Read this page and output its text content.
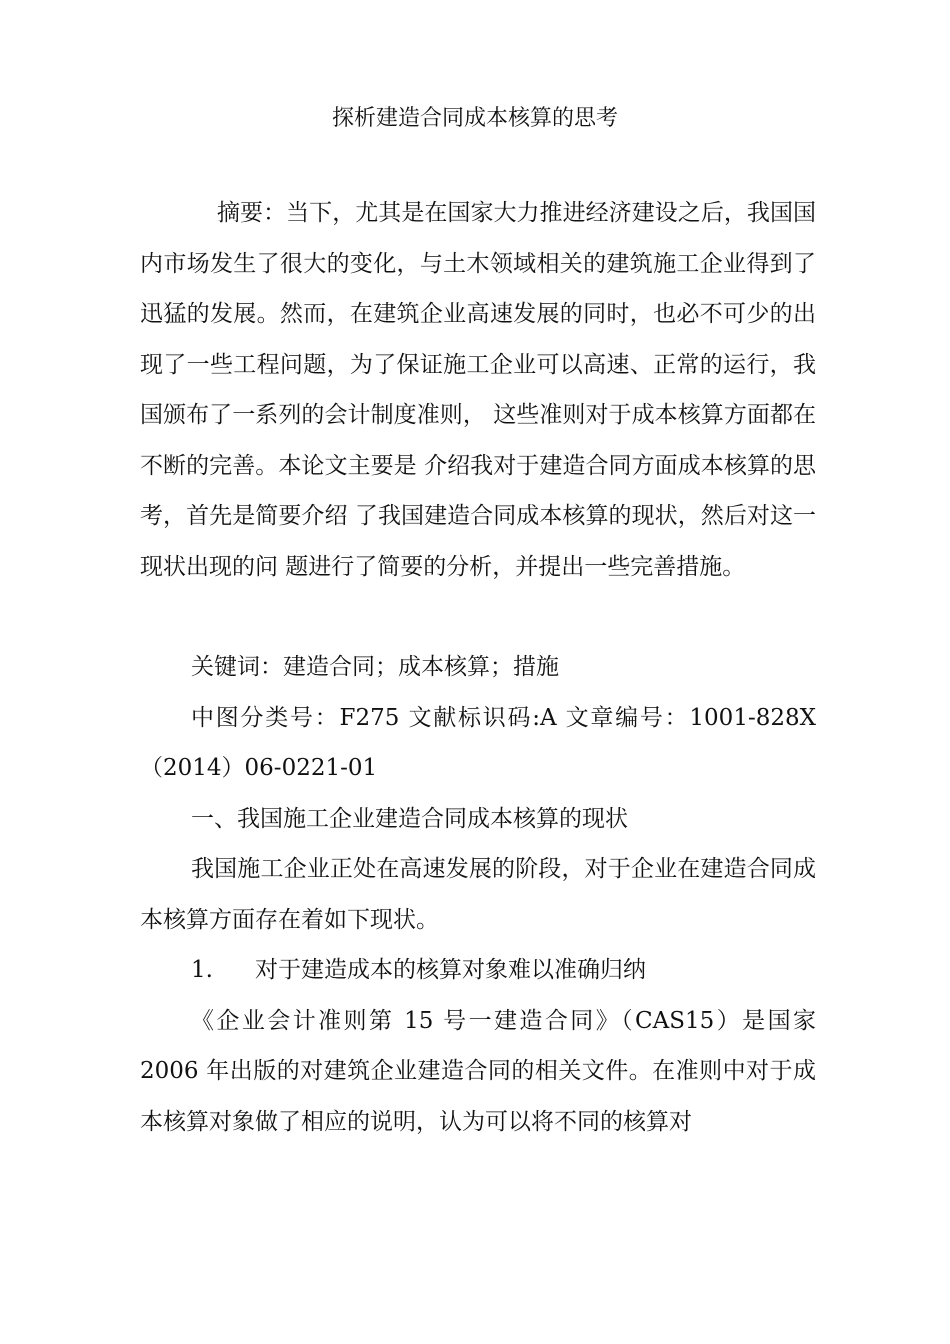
探析建造合同成本核算的思考

摘要：当下，尤其是在国家大力推进经济建设之后，我国国内市场发生了很大的变化，与土木领域相关的建筑施工企业得到了迅猛的发展。然而，在建筑企业高速发展的同时，也必不可少的出现了一些工程问题，为了保证施工企业可以高速、正常的运行，我国颁布了一系列的会计制度准则， 这些准则对于成本核算方面都在不断的完善。本论文主要是 介绍我对于建造合同方面成本核算的思考，首先是简要介绍 了我国建造合同成本核算的现状，然后对这一现状出现的问 题进行了简要的分析，并提出一些完善措施。

关键词：建造合同；成本核算；措施

中图分类号：F275 文献标识码:A 文章编号：1001-828X（2014）06-0221-01

一、我国施工企业建造合同成本核算的现状

我国施工企业正处在高速发展的阶段，对于企业在建造合同成本核算方面存在着如下现状。

1. 对于建造成本的核算对象难以准确归纳

《企业会计准则第 15 号一建造合同》（CAS15）是国家2006 年出版的对建筑企业建造合同的相关文件。在准则中对于成本核算对象做了相应的说明，认为可以将不同的核算对
